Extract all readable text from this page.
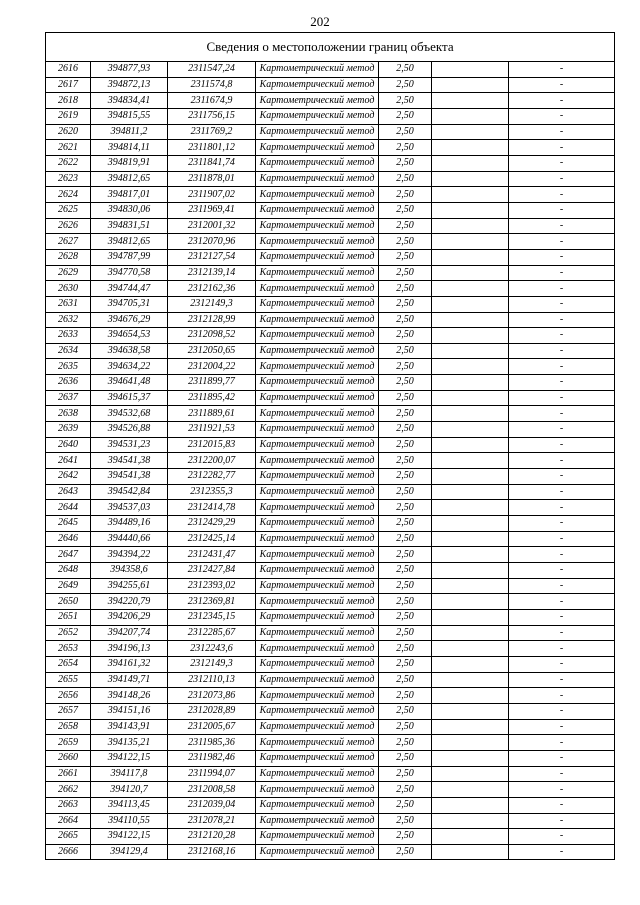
202
Сведения о местоположении границ объекта						
2616	394877,93	2311547,24	Картометрический метод	2,50		-
2617	394872,13	2311574,8	Картометрический метод	2,50		-
2618	394834,41	2311674,9	Картометрический метод	2,50		-
2619	394815,55	2311756,15	Картометрический метод	2,50		-
2620	394811,2	2311769,2	Картометрический метод	2,50		-
2621	394814,11	2311801,12	Картометрический метод	2,50		-
2622	394819,91	2311841,74	Картометрический метод	2,50		-
2623	394812,65	2311878,01	Картометрический метод	2,50		-
2624	394817,01	2311907,02	Картометрический метод	2,50		-
2625	394830,06	2311969,41	Картометрический метод	2,50		-
2626	394831,51	2312001,32	Картометрический метод	2,50		-
2627	394812,65	2312070,96	Картометрический метод	2,50		-
2628	394787,99	2312127,54	Картометрический метод	2,50		-
2629	394770,58	2312139,14	Картометрический метод	2,50		-
2630	394744,47	2312162,36	Картометрический метод	2,50		-
2631	394705,31	2312149,3	Картометрический метод	2,50		-
2632	394676,29	2312128,99	Картометрический метод	2,50		-
2633	394654,53	2312098,52	Картометрический метод	2,50		-
2634	394638,58	2312050,65	Картометрический метод	2,50		-
2635	394634,22	2312004,22	Картометрический метод	2,50		-
2636	394641,48	2311899,77	Картометрический метод	2,50		-
2637	394615,37	2311895,42	Картометрический метод	2,50		-
2638	394532,68	2311889,61	Картометрический метод	2,50		-
2639	394526,88	2311921,53	Картометрический метод	2,50		-
2640	394531,23	2312015,83	Картометрический метод	2,50		-
2641	394541,38	2312200,07	Картометрический метод	2,50		-
2642	394541,38	2312282,77	Картометрический метод	2,50		-
2643	394542,84	2312355,3	Картометрический метод	2,50		-
2644	394537,03	2312414,78	Картометрический метод	2,50		-
2645	394489,16	2312429,29	Картометрический метод	2,50		-
2646	394440,66	2312425,14	Картометрический метод	2,50		-
2647	394394,22	2312431,47	Картометрический метод	2,50		-
2648	394358,6	2312427,84	Картометрический метод	2,50		-
2649	394255,61	2312393,02	Картометрический метод	2,50		-
2650	394220,79	2312369,81	Картометрический метод	2,50		-
2651	394206,29	2312345,15	Картометрический метод	2,50		-
2652	394207,74	2312285,67	Картометрический метод	2,50		-
2653	394196,13	2312243,6	Картометрический метод	2,50		-
2654	394161,32	2312149,3	Картометрический метод	2,50		-
2655	394149,71	2312110,13	Картометрический метод	2,50		-
2656	394148,26	2312073,86	Картометрический метод	2,50		-
2657	394151,16	2312028,89	Картометрический метод	2,50		-
2658	394143,91	2312005,67	Картометрический метод	2,50		-
2659	394135,21	2311985,36	Картометрический метод	2,50		-
2660	394122,15	2311982,46	Картометрический метод	2,50		-
2661	394117,8	2311994,07	Картометрический метод	2,50		-
2662	394120,7	2312008,58	Картометрический метод	2,50		-
2663	394113,45	2312039,04	Картометрический метод	2,50		-
2664	394110,55	2312078,21	Картометрический метод	2,50		-
2665	394122,15	2312120,28	Картометрический метод	2,50		-
2666	394129,4	2312168,16	Картометрический метод	2,50		-
